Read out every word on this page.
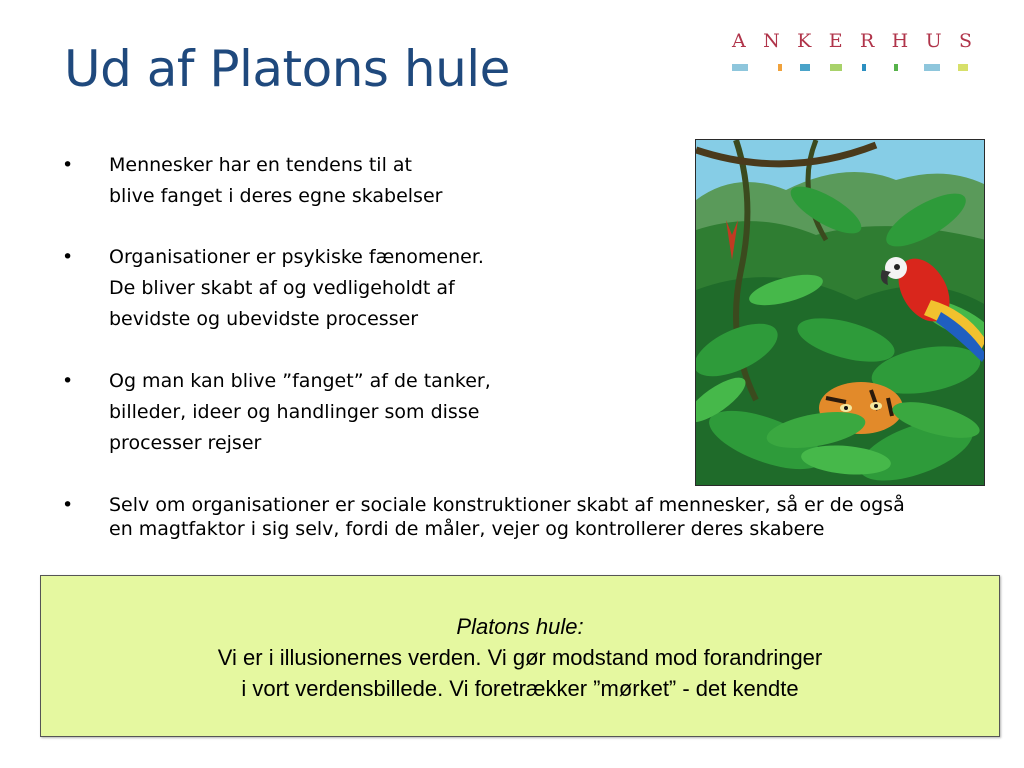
Ud af Platons hule	A N K E R H U S
• Mennesker har en tendens til at
blive fanget i deres egne skabelser
• Organisationer er psykiske fænomener.
De bliver skabt af og vedligeholdt af
bevidste og ubevidste processer
• Og man kan blive ”fanget” af de tanker,
billeder, ideer og handlinger som disse
processer rejser
• Selv om organisationer er sociale konstruktioner skabt af mennesker, så er de også
en magtfaktor i sig selv, fordi de måler, vejer og kontrollerer deres skabere
Platons hule:
Vi er i illusionernes verden. Vi gør modstand mod forandringer
i vort verdensbillede. Vi foretrækker ”mørket” - det kendte
